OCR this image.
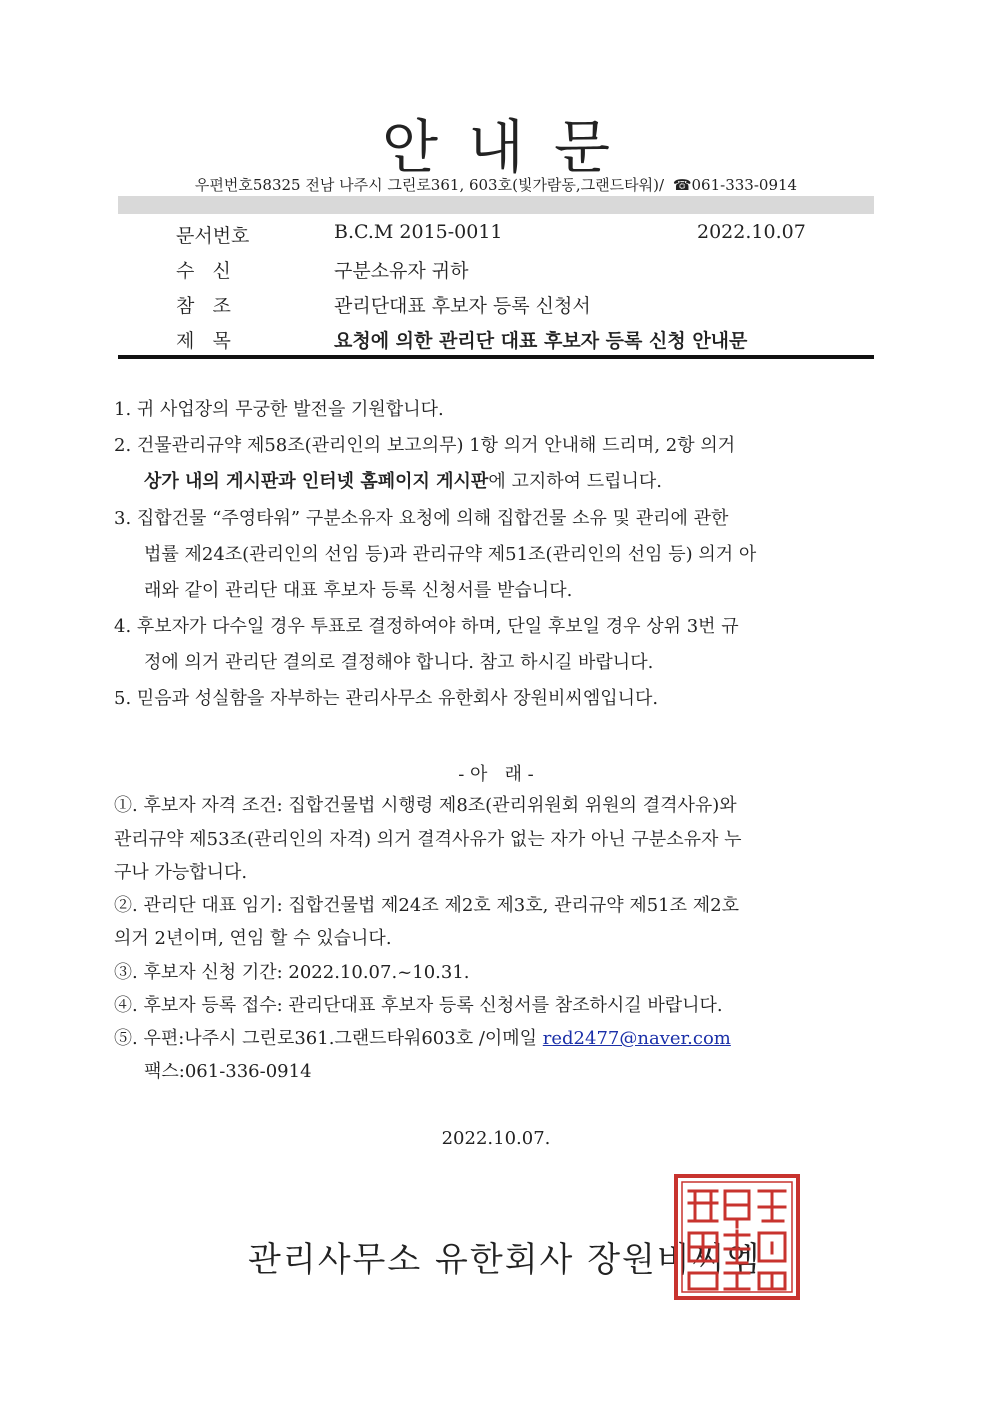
안내문
우편번호58325 전남 나주시 그린로361, 603호(빛가람동,그랜드타워)/ ☎061-333-0914
문서번호	B.C.M 2015-0011	2022.10.07
수   신	구분소유자 귀하
참   조	관리단대표 후보자 등록 신청서
제   목	요청에 의한 관리단 대표 후보자 등록 신청 안내문
1. 귀 사업장의 무궁한 발전을 기원합니다.
2. 건물관리규약 제58조(관리인의 보고의무) 1항 의거 안내해 드리며, 2항 의거
상가 내의 게시판과 인터넷 홈페이지 게시판에 고지하여 드립니다.
3. 집합건물 “주영타워” 구분소유자 요청에 의해 집합건물 소유 및 관리에 관한
법률 제24조(관리인의 선임 등)과 관리규약 제51조(관리인의 선임 등) 의거 아
래와 같이 관리단 대표 후보자 등록 신청서를 받습니다.
4. 후보자가 다수일 경우 투표로 결정하여야 하며, 단일 후보일 경우 상위 3번 규
정에 의거 관리단 결의로 결정해야 합니다. 참고 하시길 바랍니다.
5. 믿음과 성실함을 자부하는 관리사무소 유한회사 장원비씨엠입니다.
- 아   래 -
①. 후보자 자격 조건: 집합건물법 시행령 제8조(관리위원회 위원의 결격사유)와
관리규약 제53조(관리인의 자격) 의거 결격사유가 없는 자가 아닌 구분소유자 누
구나 가능합니다.
②. 관리단 대표 임기: 집합건물법 제24조 제2호 제3호, 관리규약 제51조 제2호
의거 2년이며, 연임 할 수 있습니다.
③. 후보자 신청 기간: 2022.10.07.~10.31.
④. 후보자 등록 접수: 관리단대표 후보자 등록 신청서를 참조하시길 바랍니다.
⑤. 우편:나주시 그린로361.그랜드타워603호 /이메일 red2477@naver.com
팩스:061-336-0914
2022.10.07.
관리사무소 유한회사 장원비씨엠
